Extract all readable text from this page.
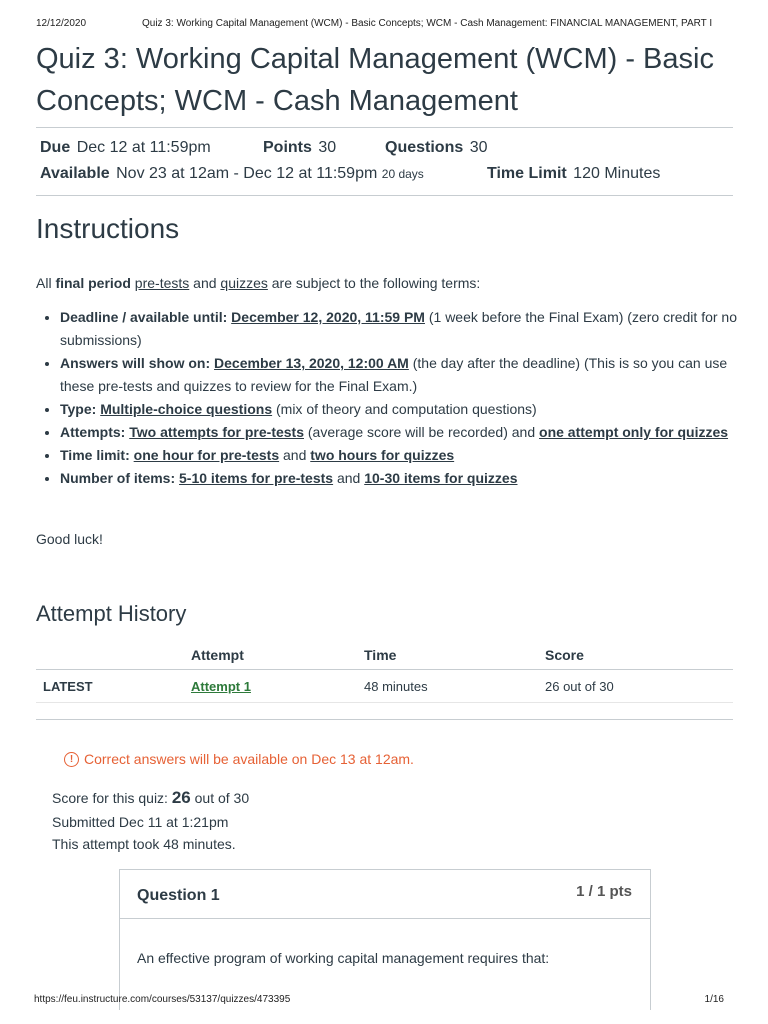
12/12/2020	Quiz 3: Working Capital Management (WCM) - Basic Concepts; WCM - Cash Management: FINANCIAL MANAGEMENT, PART I
Quiz 3: Working Capital Management (WCM) - Basic Concepts; WCM - Cash Management
Due Dec 12 at 11:59pm	Points 30	Questions 30
Available Nov 23 at 12am - Dec 12 at 11:59pm 20 days	Time Limit 120 Minutes
Instructions
All final period pre-tests and quizzes are subject to the following terms:
• Deadline / available until: December 12, 2020, 11:59 PM (1 week before the Final Exam) (zero credit for no submissions)
• Answers will show on: December 13, 2020, 12:00 AM (the day after the deadline) (This is so you can use these pre-tests and quizzes to review for the Final Exam.)
• Type: Multiple-choice questions (mix of theory and computation questions)
• Attempts: Two attempts for pre-tests (average score will be recorded) and one attempt only for quizzes
• Time limit: one hour for pre-tests and two hours for quizzes
• Number of items: 5-10 items for pre-tests and 10-30 items for quizzes
Good luck!
Attempt History
	Attempt	Time	Score
LATEST	Attempt 1	48 minutes	26 out of 30
! Correct answers will be available on Dec 13 at 12am.
Score for this quiz: 26 out of 30
Submitted Dec 11 at 1:21pm
This attempt took 48 minutes.
Question 1	1 / 1 pts
An effective program of working capital management requires that:
https://feu.instructure.com/courses/53137/quizzes/473395	1/16
